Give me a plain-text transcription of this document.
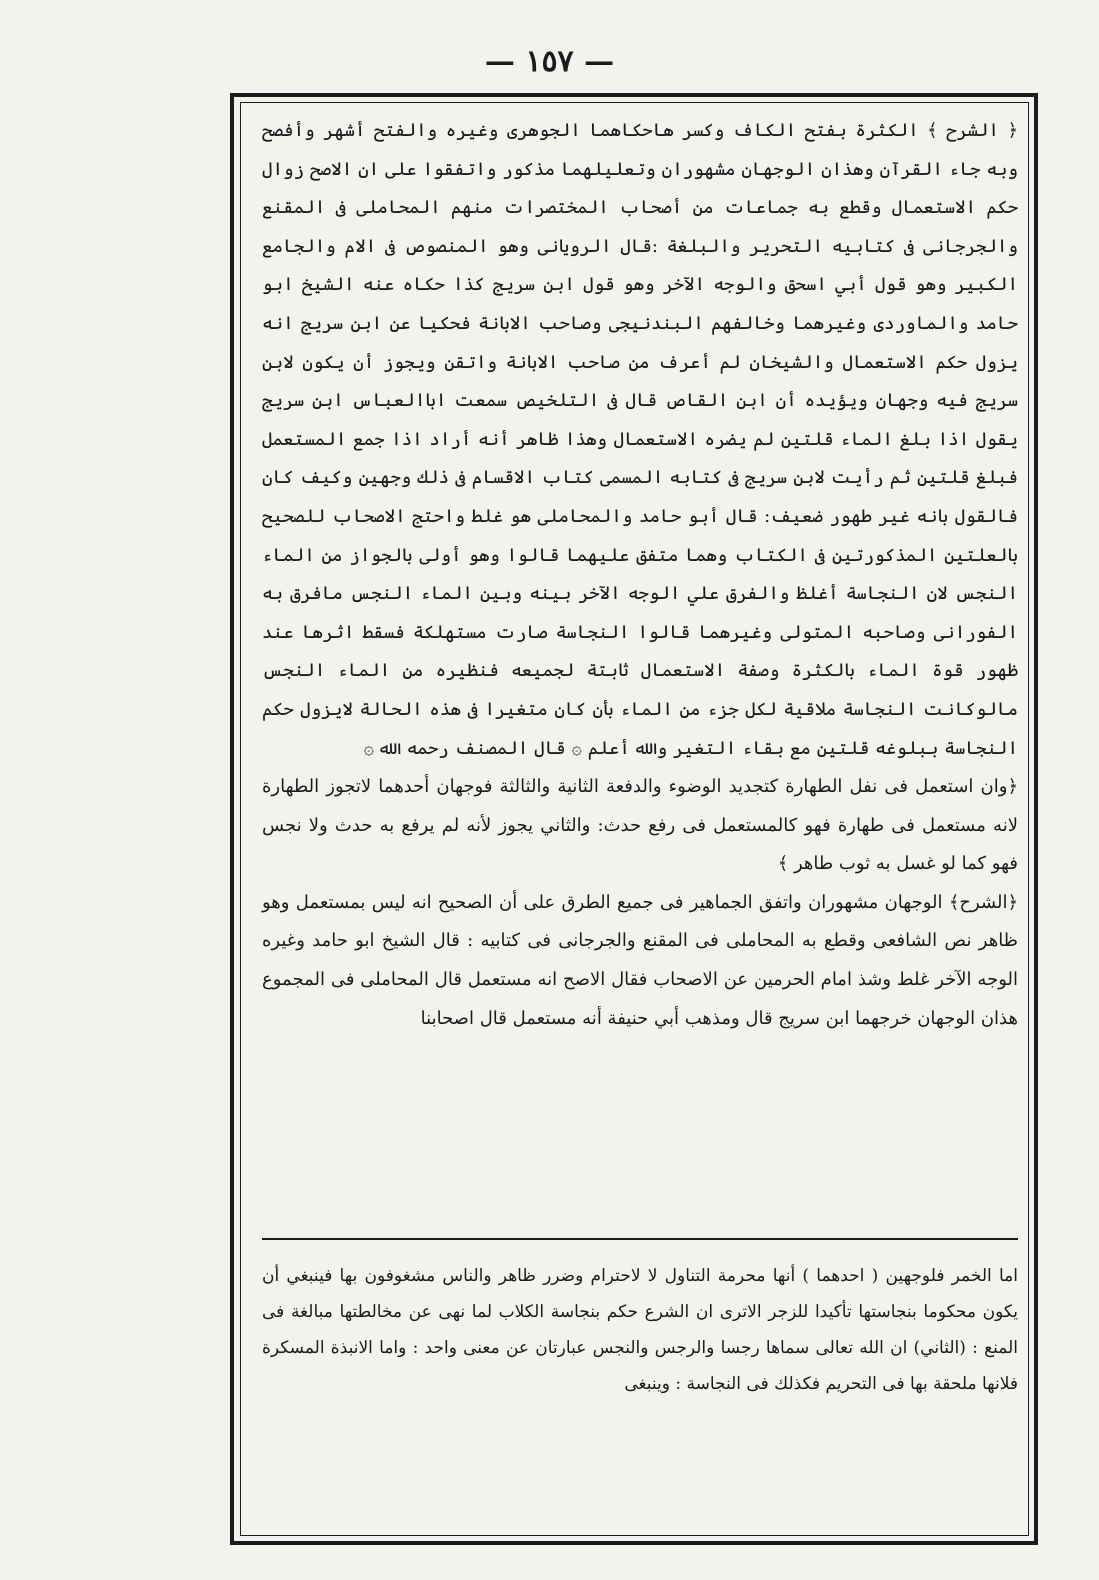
— ١٥٧ —

﴿ الشرح ﴾ الكثرة بفتح الكاف وكسر هاحكاهما الجوهرى وغيره والفتح أشهر وأفصح وبه جاء القرآن وهذان الوجهان مشهوران وتعليلهما مذكور واتفقوا على ان الاصح زوال حكم الاستعمال وقطع به جماعات من أصحاب المختصرات منهم المحاملى فى المقنع والجرجانى فى كتابيه التحرير والبلغة :قال الرويانى وهو المنصوص فى الام والجامع الكبير وهو قول أبي اسحق والوجه الآخر وهو قول ابن سريج كذا حكاه عنه الشيخ ابو حامد والماوردى وغيرهما وخالفهم البندنيجى وصاحب الابانة فحكيا عن ابن سريج انه يزول حكم الاستعمال والشيخان لم أعرف من صاحب الابانة واتقن ويجوز أن يكون لابن سريج فيه وجهان ويؤيده أن ابن القاص قال فى التلخيص سمعت اباالعباس ابن سريج يقول اذا بلغ الماء قلتين لم يضره الاستعمال وهذا ظاهر أنه أراد اذا جمع المستعمل فبلغ قلتين ثم رأيت لابن سريج فى كتابه المسمى كتاب الاقسام فى ذلك وجهين وكيف كان فالقول بانه غير طهور ضعيف: قال أبو حامد والمحاملى هو غلط واحتج الاصحاب للصحيح بالعلتين المذكورتين فى الكتاب وهما متفق عليهما قالوا وهو أولى بالجواز من الماء النجس لان النجاسة أغلظ والفرق علي الوجه الآخر بينه وبين الماء النجس مافرق به الفورانى وصاحبه المتولى وغيرهما قالوا النجاسة صارت مستهلكة فسقط اثرها عند ظهور قوة الماء بالكثرة وصفة الاستعمال ثابتة لجميعه فنظيره من الماء النجس مالوكانت النجاسة ملاقية لكل جزء من الماء بأن كان متغيرا فى هذه الحالة لايزول حكم النجاسة ببلوغه قلتين مع بقاء التغير والله أعلم ۞ قال المصنف رحمه الله ۞

﴿وان استعمل فى نفل الطهارة كتجديد الوضوء والدفعة الثانية والثالثة فوجهان أحدهما لاتجوز الطهارة لانه مستعمل فى طهارة فهو كالمستعمل فى رفع حدث: والثاني يجوز لأنه لم يرفع به حدث ولا نجس فهو كما لو غسل به ثوب طاهر ﴾

﴿الشرح﴾ الوجهان مشهوران واتفق الجماهير فى جميع الطرق على أن الصحيح انه ليس بمستعمل وهو ظاهر نص الشافعى وقطع به المحاملى فى المقنع والجرجانى فى كتابيه : قال الشيخ ابو حامد وغيره الوجه الآخر غلط وشذ امام الحرمين عن الاصحاب فقال الاصح انه مستعمل قال المحاملى فى المجموع هذان الوجهان خرجهما ابن سريج قال ومذهب أبي حنيفة أنه مستعمل قال اصحابنا

اما الخمر فلوجهين ( احدهما ) أنها محرمة التناول لا لاحترام وضرر ظاهر والناس مشغوفون بها فينبغي أن يكون محكوما بنجاستها تأكيدا للزجر الاترى ان الشرع حكم بنجاسة الكلاب لما نهى عن مخالطتها مبالغة فى المنع : (الثاني) ان الله تعالى سماها رجسا والرجس والنجس عبارتان عن معنى واحد : واما الانبذة المسكرة فلانها ملحقة بها فى التحريم فكذلك فى النجاسة : وينبغى
